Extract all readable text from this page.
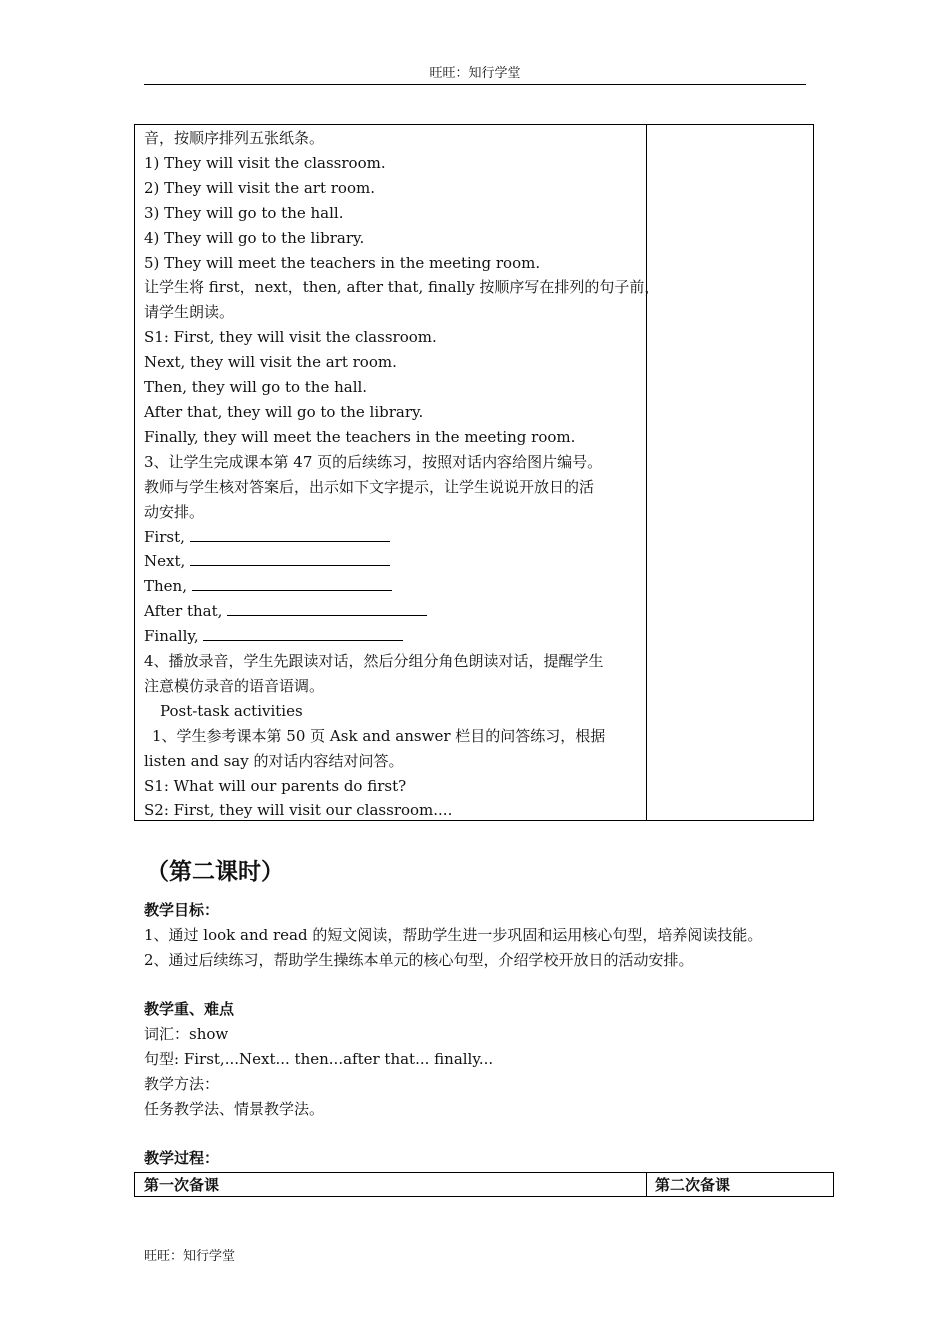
旺旺：知行学堂
音，按顺序排列五张纸条。
1) They will visit the classroom.
2) They will visit the art room.
3) They will go to the hall.
4) They will go to the library.
5) They will meet the teachers in the meeting room.
让学生将 first，next，then, after that, finally 按顺序写在排列的句子前，
请学生朗读。
S1: First, they will visit the classroom.
Next, they will visit the art room.
Then, they will go to the hall.
After that, they will go to the library.
Finally, they will meet the teachers in the meeting room.
3、让学生完成课本第 47 页的后续练习，按照对话内容给图片编号。
教师与学生核对答案后，出示如下文字提示，让学生说说开放日的活
动安排。
First,
Next,
Then,
After that,
Finally,
4、播放录音，学生先跟读对话，然后分组分角色朗读对话，提醒学生
注意模仿录音的语音语调。
Post-task activities
1、学生参考课本第 50 页 Ask and answer 栏目的问答练习，根据
listen and say 的对话内容结对问答。
S1: What will our parents do first?
S2: First, they will visit our classroom....
（第二课时）
教学目标：
1、通过 look and read 的短文阅读，帮助学生进一步巩固和运用核心句型，培养阅读技能。
2、通过后续练习，帮助学生操练本单元的核心句型，介绍学校开放日的活动安排。
教学重、难点
词汇：show
句型: First,...Next... then...after that... finally...
教学方法：
任务教学法、情景教学法。
教学过程：
第一次备课	第二次备课
旺旺：知行学堂
